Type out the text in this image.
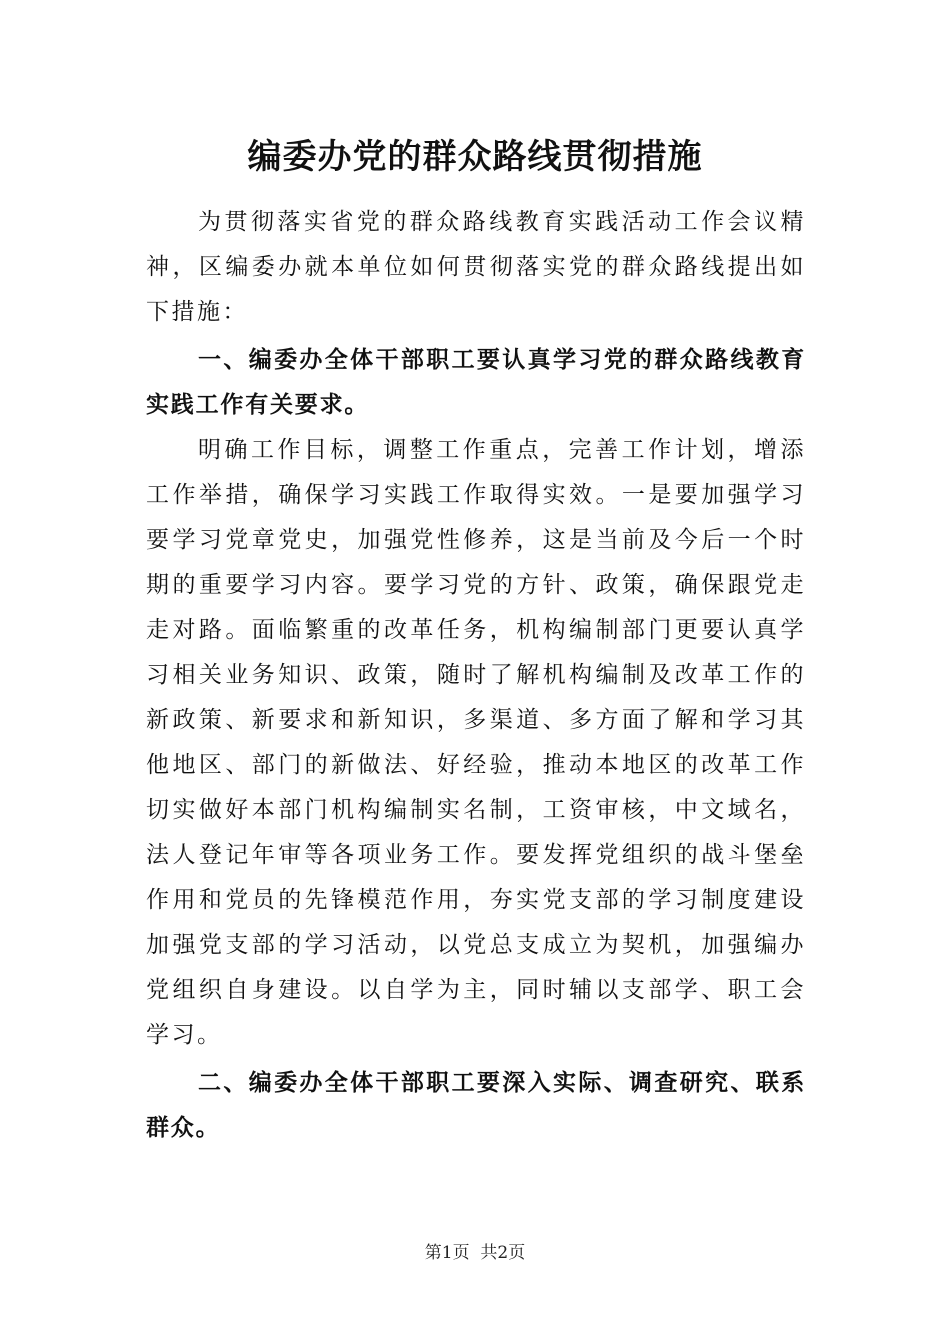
编委办党的群众路线贯彻措施

为贯彻落实省党的群众路线教育实践活动工作会议精神，区编委办就本单位如何贯彻落实党的群众路线提出如下措施：

一、编委办全体干部职工要认真学习党的群众路线教育实践工作有关要求。

明确工作目标，调整工作重点，完善工作计划，增添工作举措，确保学习实践工作取得实效。一是要加强学习要学习党章党史，加强党性修养，这是当前及今后一个时期的重要学习内容。要学习党的方针、政策，确保跟党走走对路。面临繁重的改革任务，机构编制部门更要认真学习相关业务知识、政策，随时了解机构编制及改革工作的新政策、新要求和新知识，多渠道、多方面了解和学习其他地区、部门的新做法、好经验，推动本地区的改革工作切实做好本部门机构编制实名制，工资审核，中文域名，法人登记年审等各项业务工作。要发挥党组织的战斗堡垒作用和党员的先锋模范作用，夯实党支部的学习制度建设加强党支部的学习活动，以党总支成立为契机，加强编办党组织自身建设。以自学为主，同时辅以支部学、职工会学习。

二、编委办全体干部职工要深入实际、调查研究、联系群众。

第1页  共2页
